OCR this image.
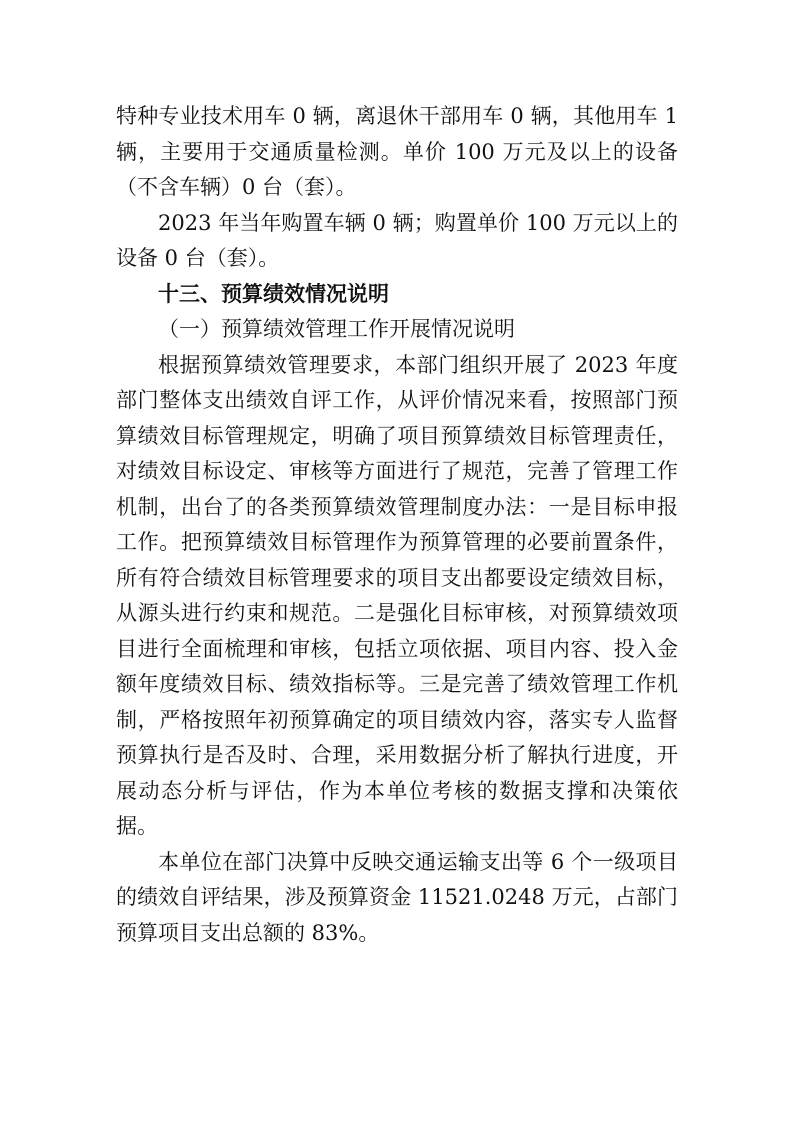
特种专业技术用车 0 辆，离退休干部用车 0 辆，其他用车 1 辆，主要用于交通质量检测。单价 100 万元及以上的设备（不含车辆）0 台（套）。

2023 年当年购置车辆 0 辆；购置单价 100 万元以上的设备 0 台（套）。

十三、预算绩效情况说明

（一）预算绩效管理工作开展情况说明

根据预算绩效管理要求，本部门组织开展了 2023 年度部门整体支出绩效自评工作，从评价情况来看，按照部门预算绩效目标管理规定，明确了项目预算绩效目标管理责任，对绩效目标设定、审核等方面进行了规范，完善了管理工作机制，出台了的各类预算绩效管理制度办法：一是目标申报工作。把预算绩效目标管理作为预算管理的必要前置条件，所有符合绩效目标管理要求的项目支出都要设定绩效目标，从源头进行约束和规范。二是强化目标审核，对预算绩效项目进行全面梳理和审核，包括立项依据、项目内容、投入金额年度绩效目标、绩效指标等。三是完善了绩效管理工作机制，严格按照年初预算确定的项目绩效内容，落实专人监督预算执行是否及时、合理，采用数据分析了解执行进度，开展动态分析与评估，作为本单位考核的数据支撑和决策依据。

本单位在部门决算中反映交通运输支出等 6 个一级项目的绩效自评结果，涉及预算资金 11521.0248 万元，占部门预算项目支出总额的 83%。
